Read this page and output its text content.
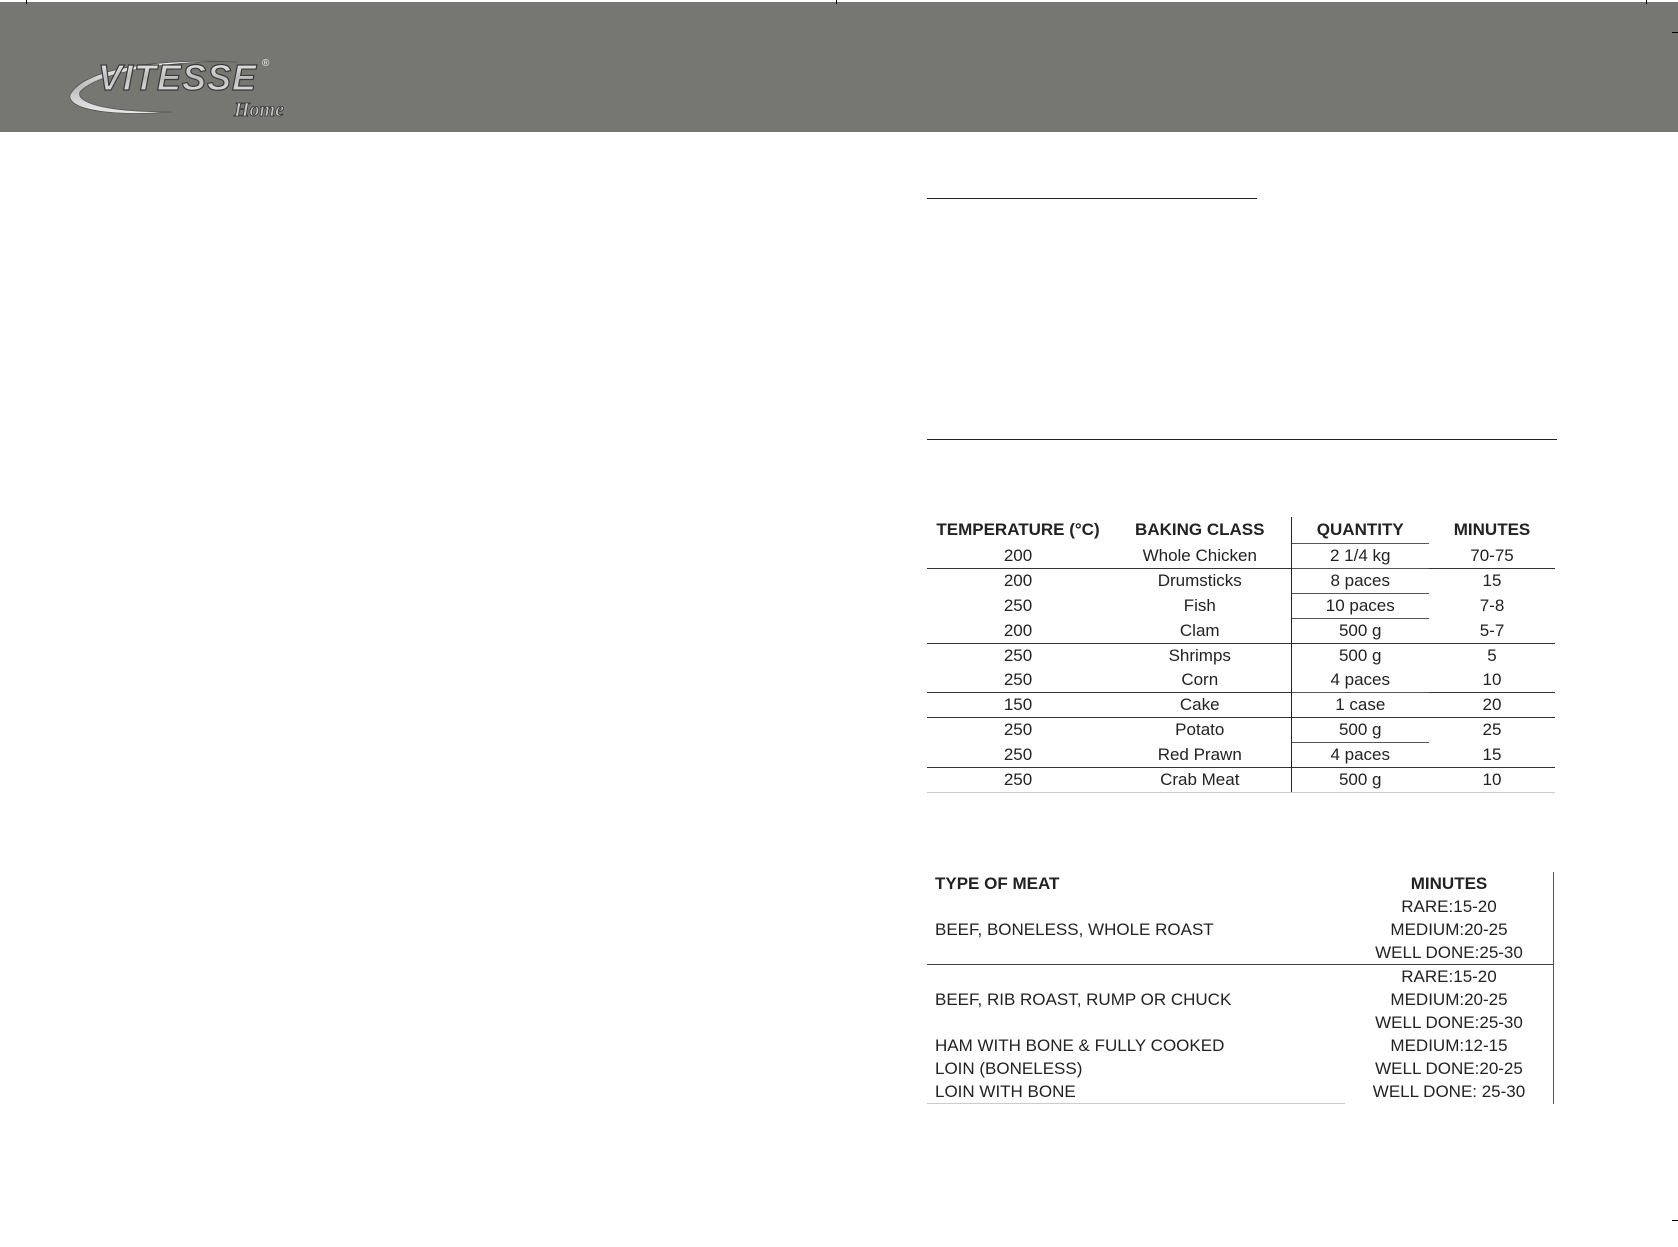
VITESSE ®
Home
TEMPERATURE (°C)	BAKING CLASS	QUANTITY	MINUTES
200	Whole Chicken	2 1/4 kg	70-75
200	Drumsticks	8 paces	15
250	Fish	10 paces	7-8
200	Clam	500 g	5-7
250	Shrimps	500 g	5
250	Corn	4 paces	10
150	Cake	1 case	20
250	Potato	500 g	25
250	Red Prawn	4 paces	15
250	Crab Meat	500 g	10
TYPE OF MEAT	MINUTES
	RARE:15-20
BEEF, BONELESS, WHOLE ROAST	MEDIUM:20-25
	WELL DONE:25-30
	RARE:15-20
BEEF, RIB ROAST, RUMP OR CHUCK	MEDIUM:20-25
	WELL DONE:25-30
HAM WITH BONE & FULLY COOKED	MEDIUM:12-15
LOIN (BONELESS)	WELL DONE:20-25
LOIN WITH BONE	WELL DONE: 25-30
